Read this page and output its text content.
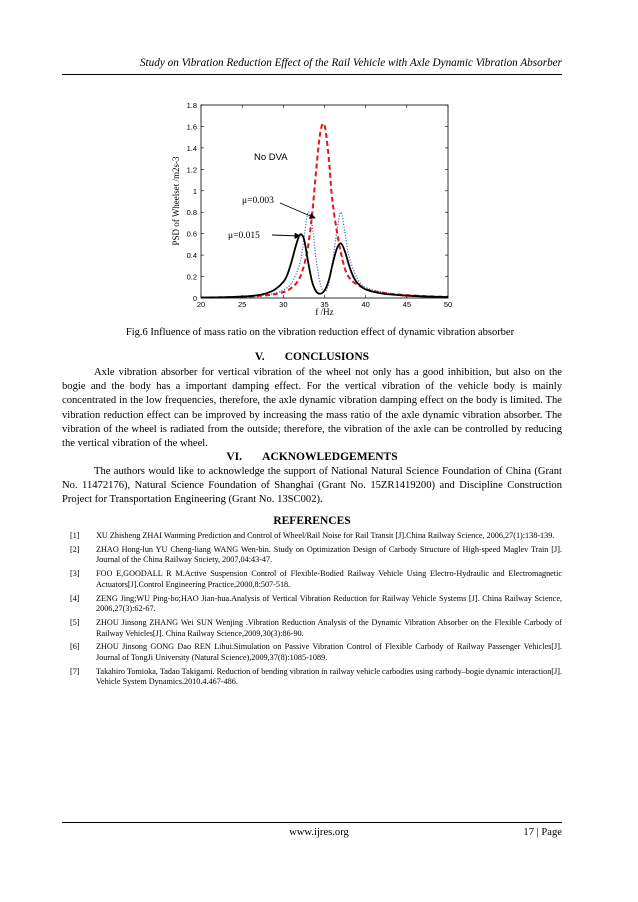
Study on Vibration Reduction Effect of the Rail Vehicle with Axle Dynamic Vibration Absorber
0
0.2
0.4
0.6
0.8
1
1.2
1.4
1.6
1.8
20	25	30	35	40	45	50
f /Hz
PSD of Wheelset /m2s-3	No DVA
μ=0.003
μ=0.015
Fig.6 Influence of mass ratio on the vibration reduction effect of dynamic vibration absorber
V.       CONCLUSIONS

Axle vibration absorber for vertical vibration of the wheel not only has a good inhibition, but also on the bogie and the body has a important damping effect. For the vertical vibration of the vehicle body is mainly concentrated in the low frequencies, therefore, the axle dynamic vibration damping effect on the body is limited. The vibration reduction effect can be improved by increasing the mass ratio of the axle dynamic vibration absorber. The vibration of the wheel is radiated from the outside; therefore, the vibration of the axle can be controlled by reducing the vertical vibration of the wheel.

VI.       ACKNOWLEDGEMENTS

The authors would like to acknowledge the support of National Natural Science Foundation of China (Grant No. 11472176), Natural Science Foundation of Shanghai (Grant No. 15ZR1419200) and Discipline Construction Project for Transportation Engineering (Grant No. 13SC002).

REFERENCES
[1]	XU Zhisheng ZHAI Wanming Prediction and Control of Wheel/Rail Noise for Rail Transit [J].China Railway Science, 2006,27(1):138-139.
[2]	ZHAO Hong-lun YU Cheng-liang WANG Wen-bin. Study on Optimization Design of Carbody Structure of High-speed Maglev Train [J]. Journal of the China Railway Society, 2007,04:43-47.
[3]	FOO E,GOODALL R M.Active Suspension Control of Flexible-Bodied Railway Vehicle Using Electro-Hydraulic and Electromagnetic Actuators[J].Control Engineering Practice,2000,8:507-518.
[4]	ZENG Jing;WU Ping-bo;HAO Jian-hua.Analysis of Vertical Vibration Reduction for Railway Vehicle Systems [J]. China Railway Science, 2006,27(3):62-67.
[5]	ZHOU Jinsong ZHANG Wei SUN Wenjing .Vibration Reduction Analysis of the Dynamic Vibration Absorber on the Flexible Carbody of Railway Vehicles[J]. China Railway Science,2009,30(3):86-90.
[6]	ZHOU Jinsong GONG Dao REN Lihui.Simulation on Passive Vibration Control of Flexible Carbody of Railway Passenger Vehicles[J]. Journal of TongJi University (Natural Science),2009,37(8):1085-1089.
[7]	Takahiro Tomioka, Tadao Takigami. Reduction of bending vibration in railway vehicle carbodies using carbody–bogie dynamic interaction[J]. Vehicle System Dynamics.2010.4.467-486.
www.ijres.org	17 | Page
